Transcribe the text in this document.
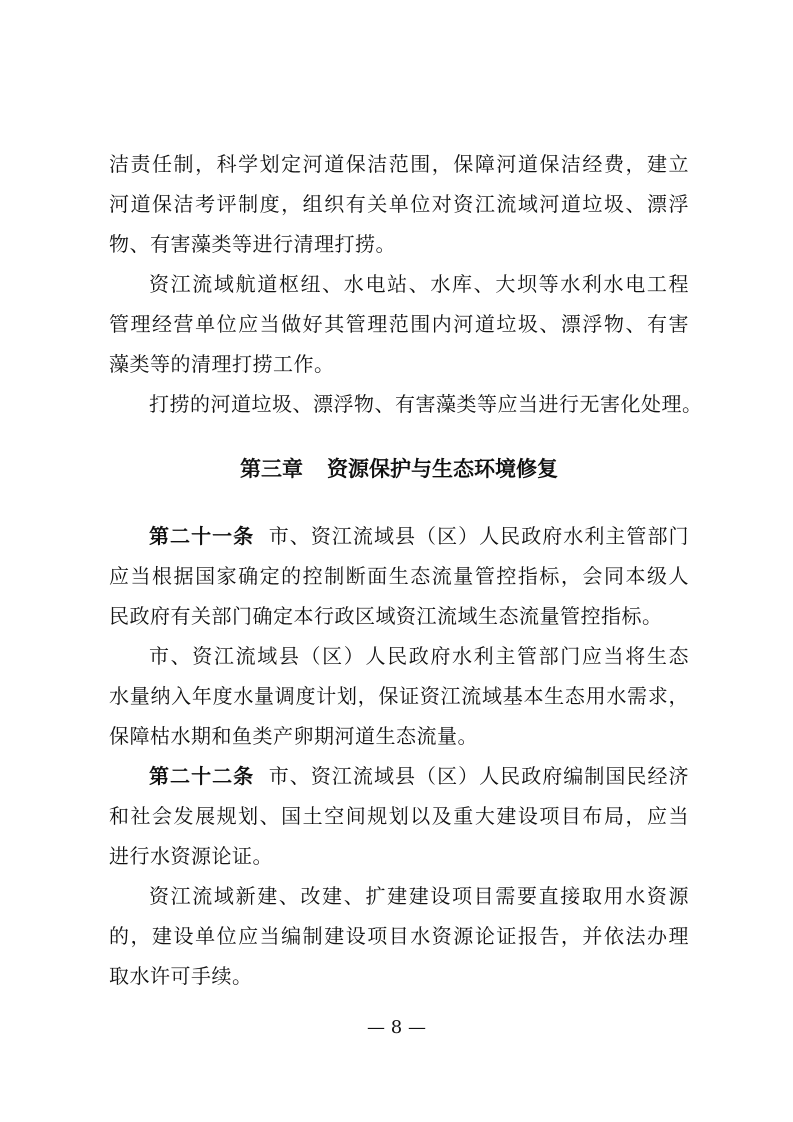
洁责任制，科学划定河道保洁范围，保障河道保洁经费，建立
河道保洁考评制度，组织有关单位对资江流域河道垃圾、漂浮
物、有害藻类等进行清理打捞。
资江流域航道枢纽、水电站、水库、大坝等水利水电工程
管理经营单位应当做好其管理范围内河道垃圾、漂浮物、有害
藻类等的清理打捞工作。
打捞的河道垃圾、漂浮物、有害藻类等应当进行无害化处理。
第三章 资源保护与生态环境修复
第二十一条 市、资江流域县（区）人民政府水利主管部门
应当根据国家确定的控制断面生态流量管控指标，会同本级人
民政府有关部门确定本行政区域资江流域生态流量管控指标。
市、资江流域县（区）人民政府水利主管部门应当将生态
水量纳入年度水量调度计划，保证资江流域基本生态用水需求，
保障枯水期和鱼类产卵期河道生态流量。
第二十二条 市、资江流域县（区）人民政府编制国民经济
和社会发展规划、国土空间规划以及重大建设项目布局，应当
进行水资源论证。
资江流域新建、改建、扩建建设项目需要直接取用水资源
的，建设单位应当编制建设项目水资源论证报告，并依法办理
取水许可手续。
— 8 —
